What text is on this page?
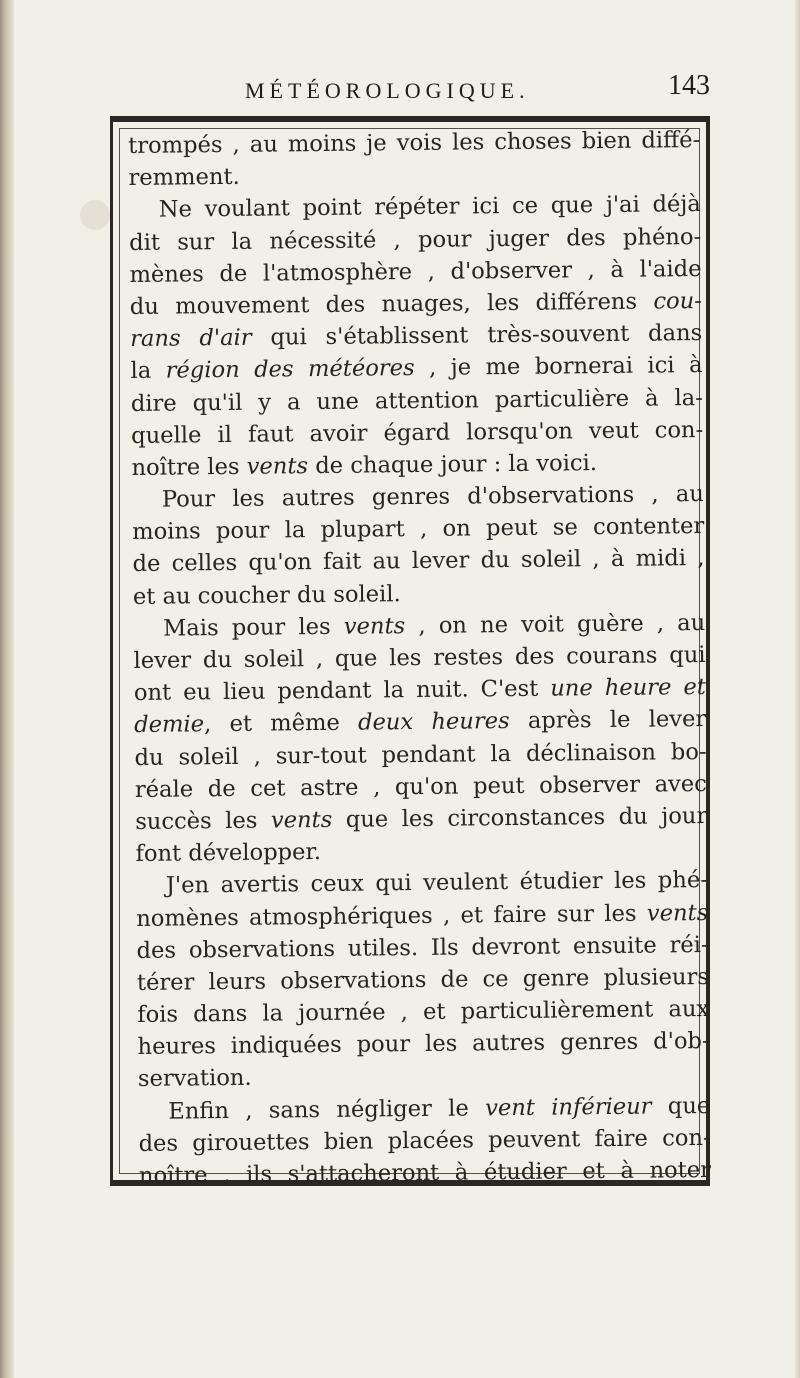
MÉTÉOROLOGIQUE.	143
trompés , au moins je vois les choses bien diffé-
remment.
Ne voulant point répéter ici ce que j'ai déjà
dit sur la nécessité , pour juger des phéno-
mènes de l'atmosphère , d'observer , à l'aide
du mouvement des nuages, les différens cou-
rans d'air qui s'établissent très-souvent dans
la région des météores , je me bornerai ici à
dire qu'il y a une attention particulière à la-
quelle il faut avoir égard lorsqu'on veut con-
noître les vents de chaque jour : la voici.
Pour les autres genres d'observations , au
moins pour la plupart , on peut se contenter
de celles qu'on fait au lever du soleil , à midi ,
et au coucher du soleil.
Mais pour les vents , on ne voit guère , au
lever du soleil , que les restes des courans qui
ont eu lieu pendant la nuit. C'est une heure et
demie, et même deux heures après le lever
du soleil , sur-tout pendant la déclinaison bo-
réale de cet astre , qu'on peut observer avec
succès les vents que les circonstances du jour
font développer.
J'en avertis ceux qui veulent étudier les phé-
nomènes atmosphériques , et faire sur les vents
des observations utiles. Ils devront ensuite réi-
térer leurs observations de ce genre plusieurs
fois dans la journée , et particulièrement aux
heures indiquées pour les autres genres d'ob-
servation.
Enfin , sans négliger le vent inférieur que
des girouettes bien placées peuvent faire con-
noître , ils s'attacheront à étudier et à noter
